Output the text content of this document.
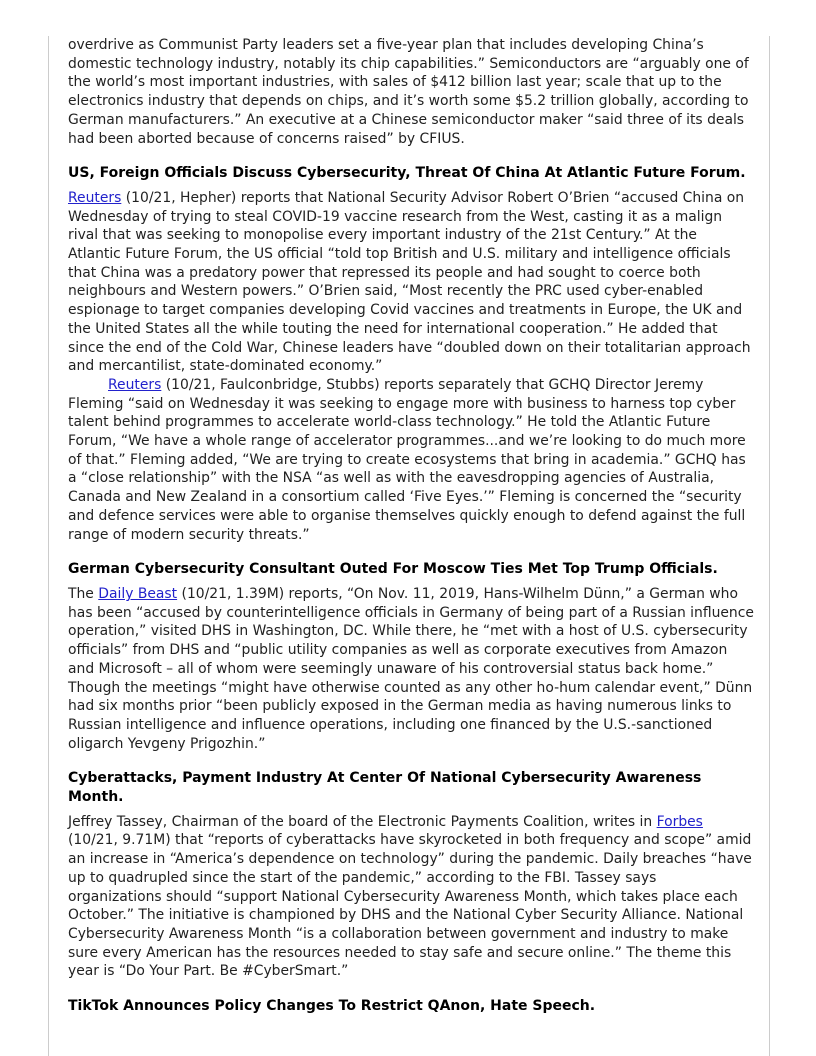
overdrive as Communist Party leaders set a five-year plan that includes developing China’s domestic technology industry, notably its chip capabilities.” Semiconductors are “arguably one of the world’s most important industries, with sales of $412 billion last year; scale that up to the electronics industry that depends on chips, and it’s worth some $5.2 trillion globally, according to German manufacturers.” An executive at a Chinese semiconductor maker “said three of its deals had been aborted because of concerns raised” by CFIUS.

US, Foreign Officials Discuss Cybersecurity, Threat Of China At Atlantic Future Forum.

Reuters (10/21, Hepher) reports that National Security Advisor Robert O’Brien “accused China on Wednesday of trying to steal COVID-19 vaccine research from the West, casting it as a malign rival that was seeking to monopolise every important industry of the 21st Century.” At the Atlantic Future Forum, the US official “told top British and U.S. military and intelligence officials that China was a predatory power that repressed its people and had sought to coerce both neighbours and Western powers.” O’Brien said, “Most recently the PRC used cyber-enabled espionage to target companies developing Covid vaccines and treatments in Europe, the UK and the United States all the while touting the need for international cooperation.” He added that since the end of the Cold War, Chinese leaders have “doubled down on their totalitarian approach and mercantilist, state-dominated economy.”

Reuters (10/21, Faulconbridge, Stubbs) reports separately that GCHQ Director Jeremy Fleming “said on Wednesday it was seeking to engage more with business to harness top cyber talent behind programmes to accelerate world-class technology.” He told the Atlantic Future Forum, “We have a whole range of accelerator programmes...and we’re looking to do much more of that.” Fleming added, “We are trying to create ecosystems that bring in academia.” GCHQ has a “close relationship” with the NSA “as well as with the eavesdropping agencies of Australia, Canada and New Zealand in a consortium called ‘Five Eyes.’” Fleming is concerned the “security and defence services were able to organise themselves quickly enough to defend against the full range of modern security threats.”

German Cybersecurity Consultant Outed For Moscow Ties Met Top Trump Officials.

The Daily Beast (10/21, 1.39M) reports, “On Nov. 11, 2019, Hans-Wilhelm Dünn,” a German who has been “accused by counterintelligence officials in Germany of being part of a Russian influence operation,” visited DHS in Washington, DC. While there, he “met with a host of U.S. cybersecurity officials” from DHS and “public utility companies as well as corporate executives from Amazon and Microsoft – all of whom were seemingly unaware of his controversial status back home.” Though the meetings “might have otherwise counted as any other ho-hum calendar event,” Dünn had six months prior “been publicly exposed in the German media as having numerous links to Russian intelligence and influence operations, including one financed by the U.S.-sanctioned oligarch Yevgeny Prigozhin.”

Cyberattacks, Payment Industry At Center Of National Cybersecurity Awareness Month.

Jeffrey Tassey, Chairman of the board of the Electronic Payments Coalition, writes in Forbes (10/21, 9.71M) that “reports of cyberattacks have skyrocketed in both frequency and scope” amid an increase in “America’s dependence on technology” during the pandemic. Daily breaches “have up to quadrupled since the start of the pandemic,” according to the FBI. Tassey says organizations should “support National Cybersecurity Awareness Month, which takes place each October.” The initiative is championed by DHS and the National Cyber Security Alliance. National Cybersecurity Awareness Month “is a collaboration between government and industry to make sure every American has the resources needed to stay safe and secure online.” The theme this year is “Do Your Part. Be #CyberSmart.”

TikTok Announces Policy Changes To Restrict QAnon, Hate Speech.
